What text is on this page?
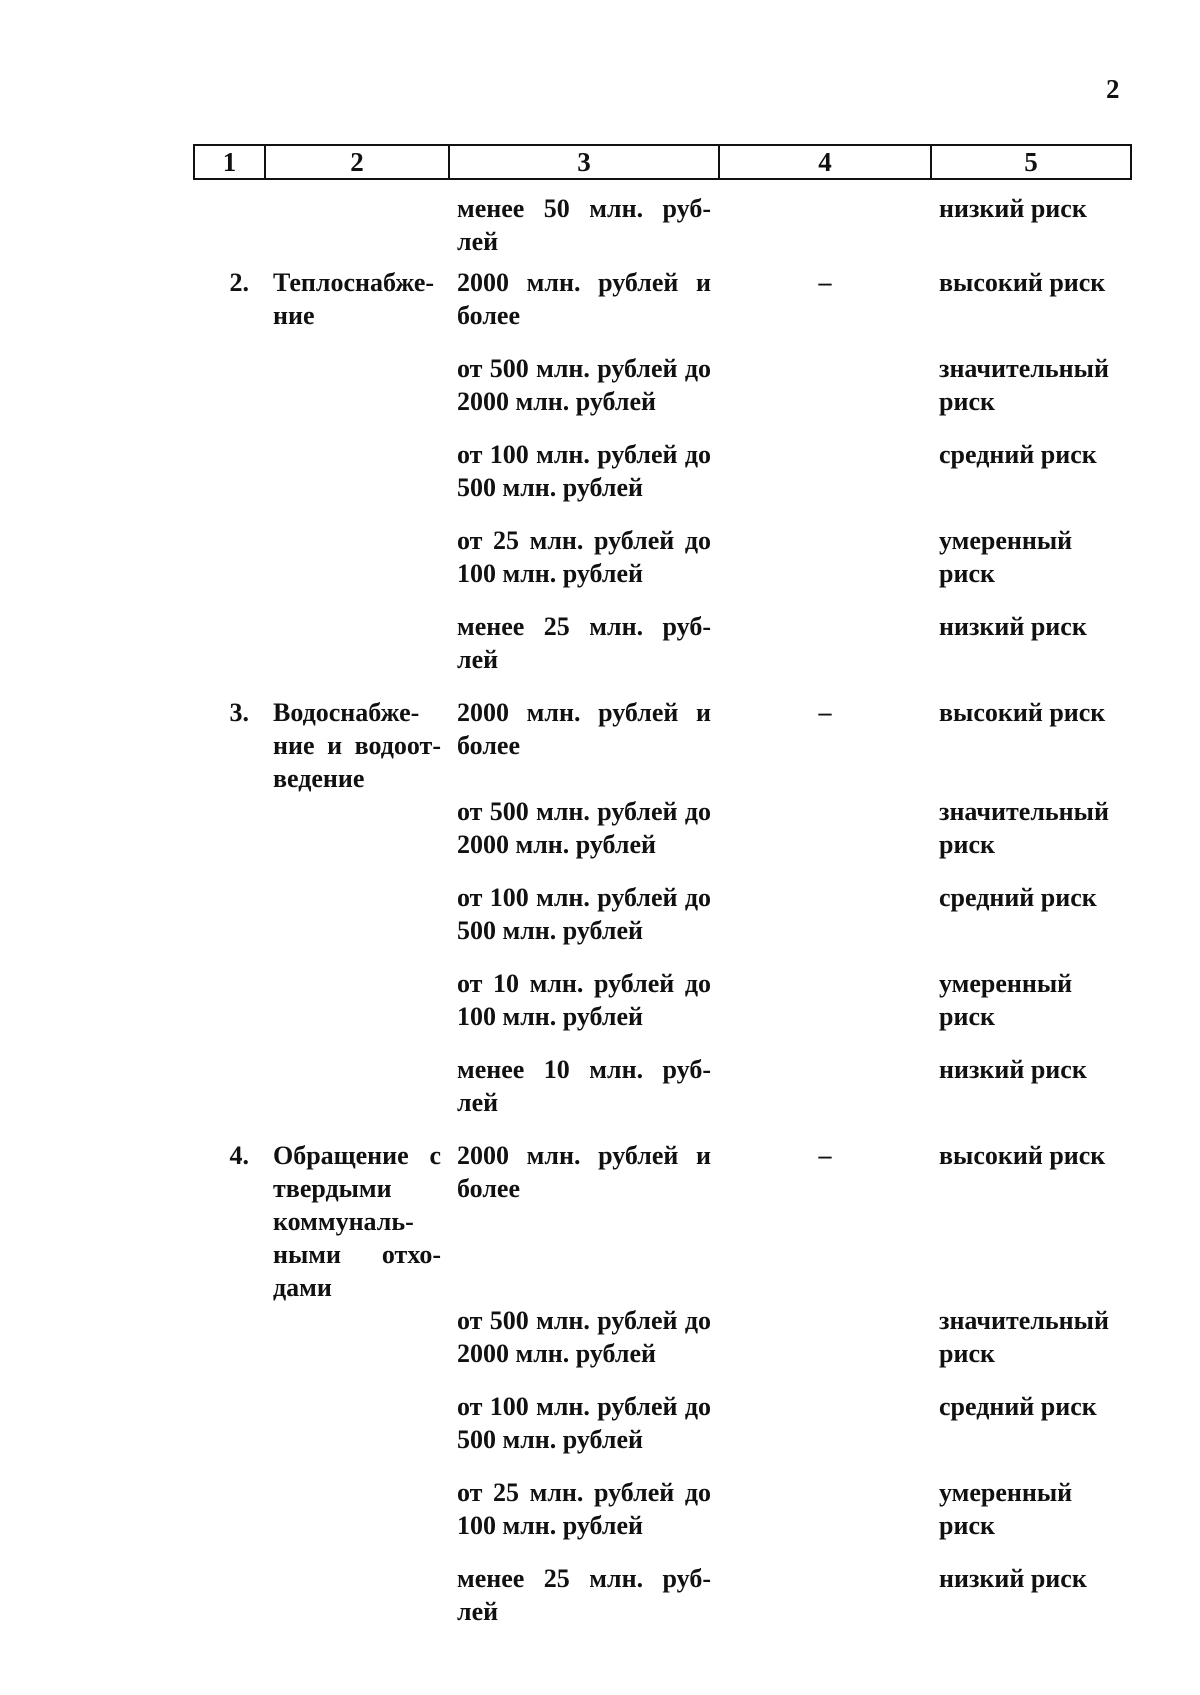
2
1	2	3	4	5
		менее 50 млн. руб-лей		низкий риск
2.	Теплоснабже-ние	2000 млн. рублей и более	–	высокий риск
		от 500 млн. рублей до 2000 млн. рублей		значительный риск
		от 100 млн. рублей до 500 млн. рублей		средний риск
		от 25 млн. рублей до 100 млн. рублей		умеренный риск
		менее 25 млн. руб-лей		низкий риск
3.	Водоснабже-ние и водоот-ведение	2000 млн. рублей и более	–	высокий риск
		от 500 млн. рублей до 2000 млн. рублей		значительный риск
		от 100 млн. рублей до 500 млн. рублей		средний риск
		от 10 млн. рублей до 100 млн. рублей		умеренный риск
		менее 10 млн. руб-лей		низкий риск
4.	Обращение с твердыми коммуналь-ными отхо-дами	2000 млн. рублей и более	–	высокий риск
		от 500 млн. рублей до 2000 млн. рублей		значительный риск
		от 100 млн. рублей до 500 млн. рублей		средний риск
		от 25 млн. рублей до 100 млн. рублей		умеренный риск
		менее 25 млн. руб-лей		низкий риск
